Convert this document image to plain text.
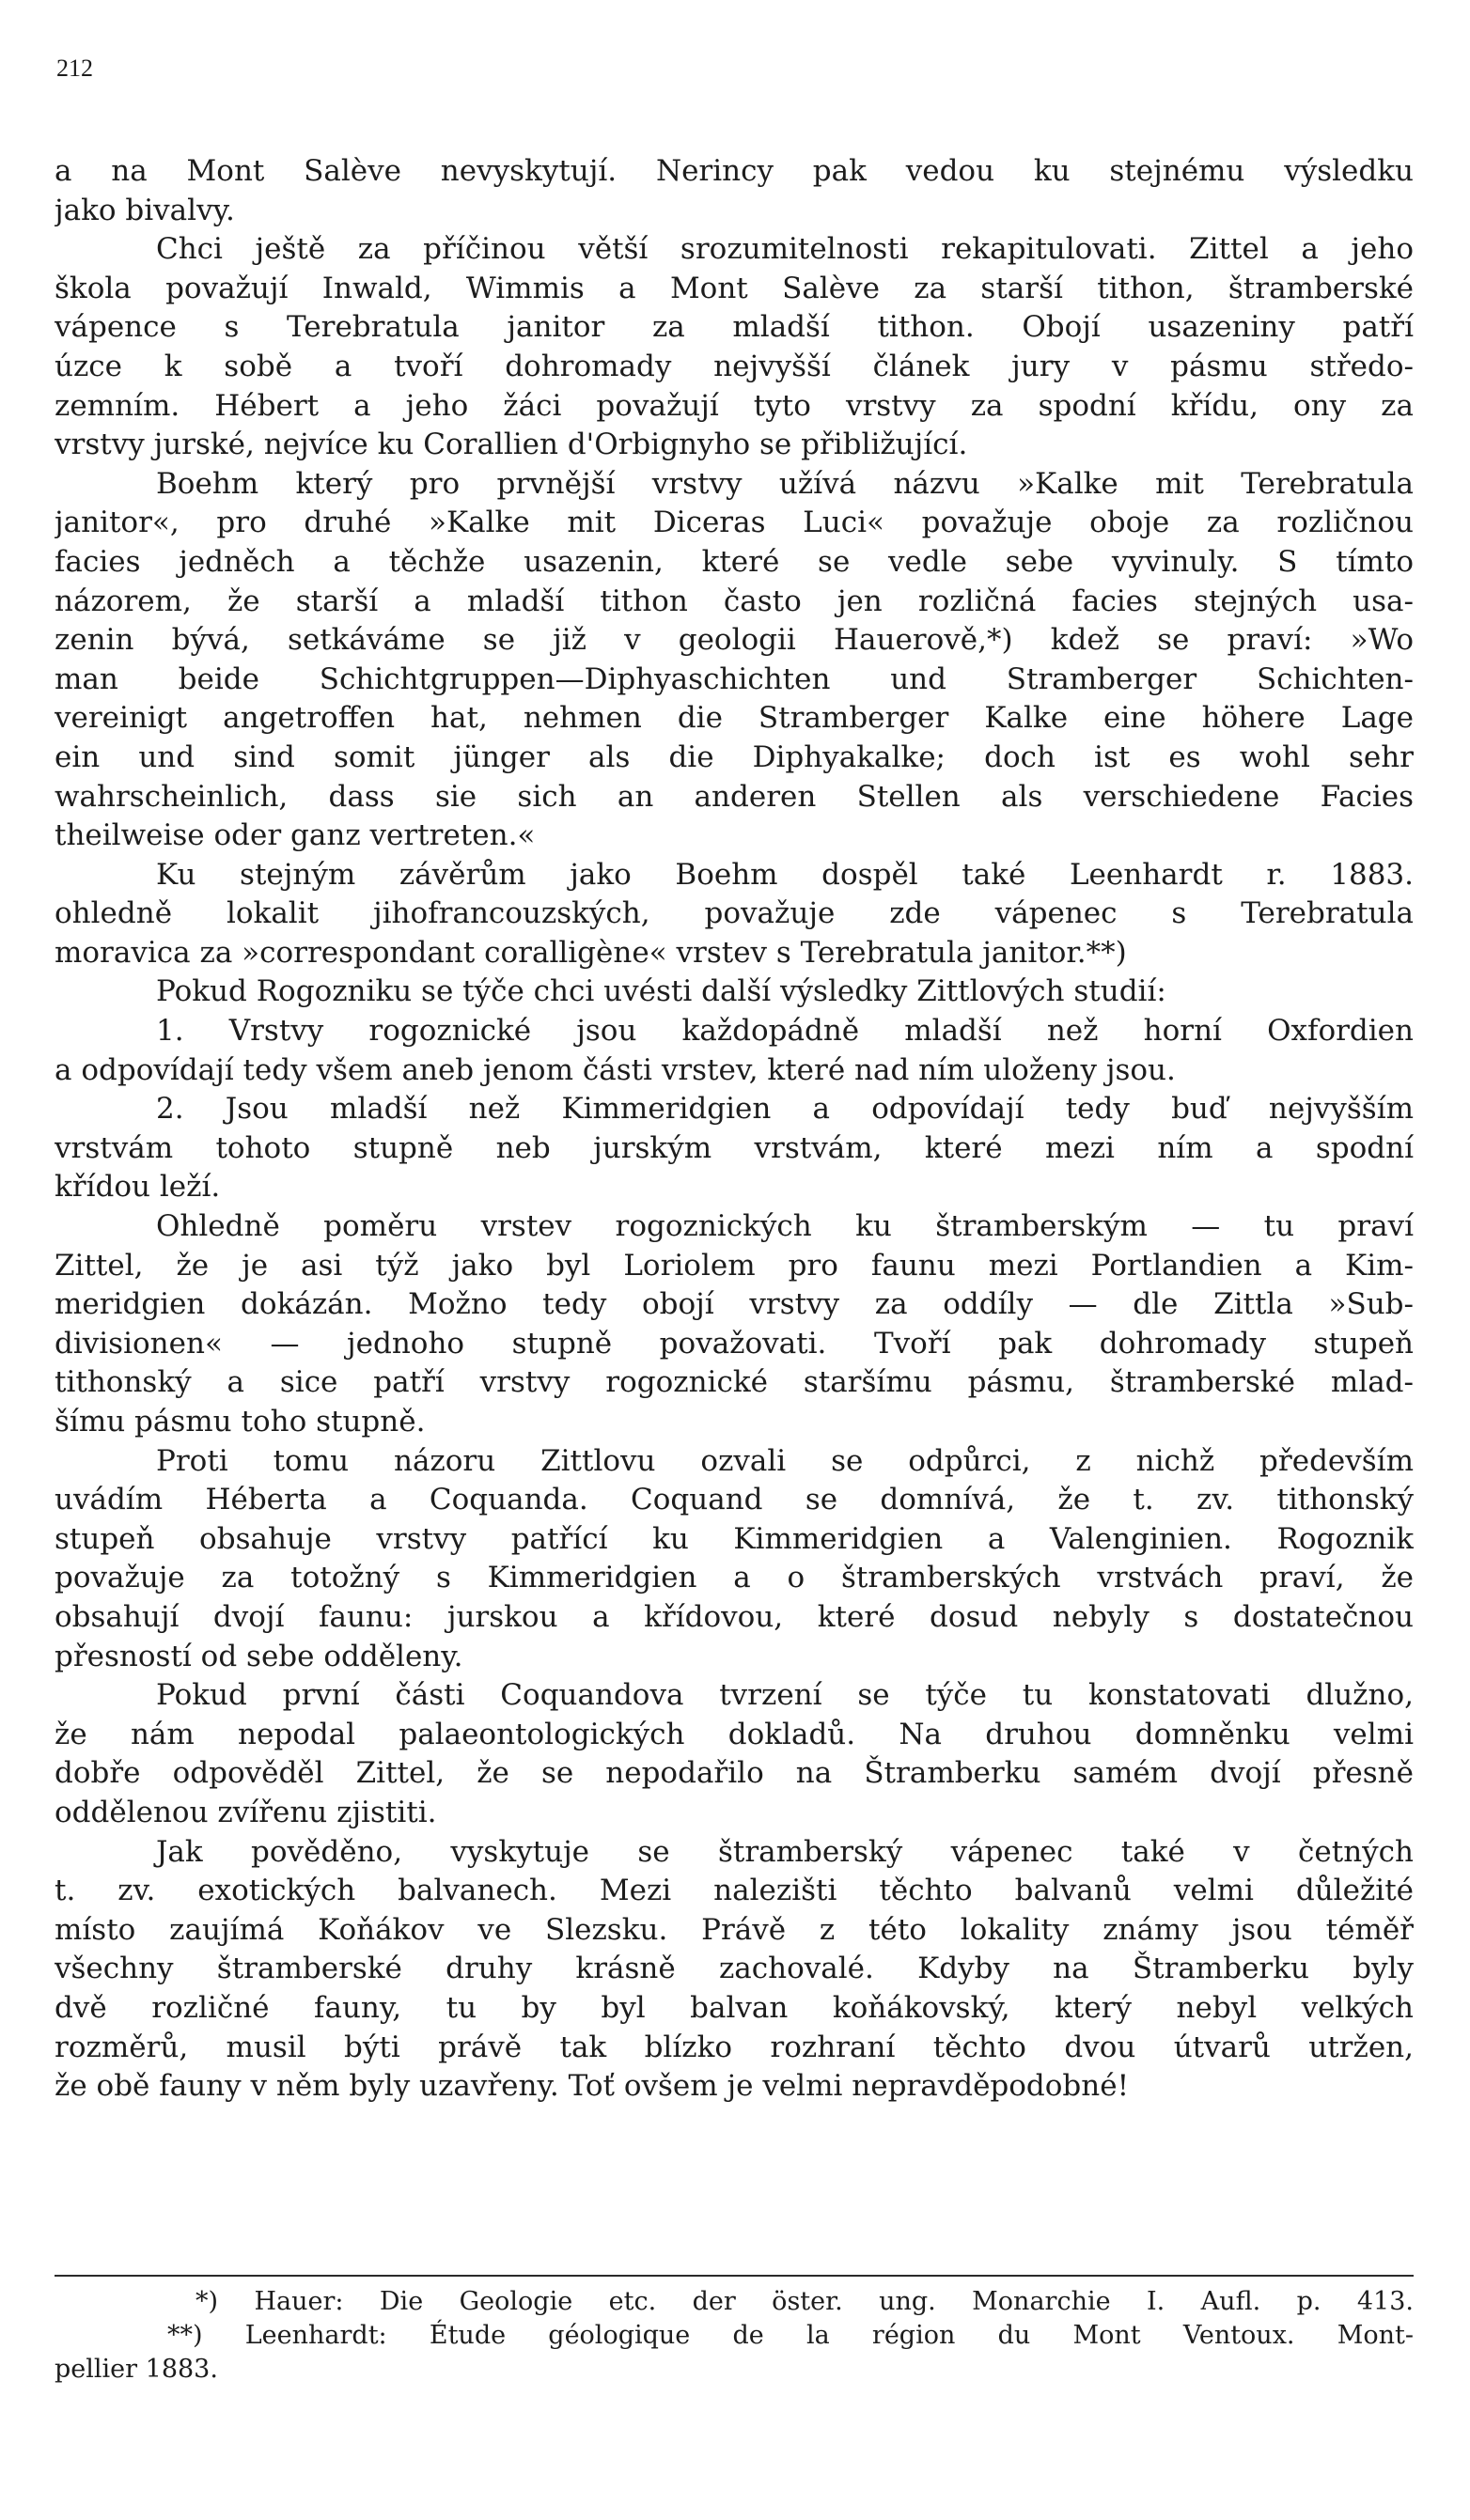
212
a na Mont Salève nevyskytují. Nerincy pak vedou ku stejnému výsledku
jako bivalvy.
Chci ještě za příčinou větší srozumitelnosti rekapitulovati. Zittel a jeho
škola považují Inwald, Wimmis a Mont Salève za starší tithon, štramberské
vápence s Terebratula janitor za mladší tithon. Obojí usazeniny patří
úzce k sobě a tvoří dohromady nejvyšší článek jury v pásmu středo-
zemním. Hébert a jeho žáci považují tyto vrstvy za spodní křídu, ony za
vrstvy jurské, nejvíce ku Corallien d'Orbignyho se přibližující.
Boehm který pro prvnější vrstvy užívá názvu »Kalke mit Terebratula
janitor«, pro druhé »Kalke mit Diceras Luci« považuje oboje za rozličnou
facies jedněch a těchže usazenin, které se vedle sebe vyvinuly. S tímto
názorem, že starší a mladší tithon často jen rozličná facies stejných usa-
zenin bývá, setkáváme se již v geologii Hauerově,*) kdež se praví: »Wo
man beide Schichtgruppen—Diphyaschichten und Stramberger Schichten-
vereinigt angetroffen hat, nehmen die Stramberger Kalke eine höhere Lage
ein und sind somit jünger als die Diphyakalke; doch ist es wohl sehr
wahrscheinlich, dass sie sich an anderen Stellen als verschiedene Facies
theilweise oder ganz vertreten.«
Ku stejným závěrům jako Boehm dospěl také Leenhardt r. 1883.
ohledně lokalit jihofrancouzských, považuje zde vápenec s Terebratula
moravica za »correspondant coralligène« vrstev s Terebratula janitor.**)
Pokud Rogozniku se týče chci uvésti další výsledky Zittlových studií:
1. Vrstvy rogoznické jsou každopádně mladší než horní Oxfordien
a odpovídají tedy všem aneb jenom části vrstev, které nad ním uloženy jsou.
2. Jsou mladší než Kimmeridgien a odpovídají tedy buď nejvyšším
vrstvám tohoto stupně neb jurským vrstvám, které mezi ním a spodní
křídou leží.
Ohledně poměru vrstev rogoznických ku štramberským — tu praví
Zittel, že je asi týž jako byl Loriolem pro faunu mezi Portlandien a Kim-
meridgien dokázán. Možno tedy obojí vrstvy za oddíly — dle Zittla »Sub-
divisionen« — jednoho stupně považovati. Tvoří pak dohromady stupeň
tithonský a sice patří vrstvy rogoznické staršímu pásmu, štramberské mlad-
šímu pásmu toho stupně.
Proti tomu názoru Zittlovu ozvali se odpůrci, z nichž především
uvádím Héberta a Coquanda. Coquand se domnívá, že t. zv. tithonský
stupeň obsahuje vrstvy patřící ku Kimmeridgien a Valenginien. Rogoznik
považuje za totožný s Kimmeridgien a o štramberských vrstvách praví, že
obsahují dvojí faunu: jurskou a křídovou, které dosud nebyly s dostatečnou
přesností od sebe odděleny.
Pokud první části Coquandova tvrzení se týče tu konstatovati dlužno,
že nám nepodal palaeontologických dokladů. Na druhou domněnku velmi
dobře odpověděl Zittel, že se nepodařilo na Štramberku samém dvojí přesně
oddělenou zvířenu zjistiti.
Jak pověděno, vyskytuje se štramberský vápenec také v četných
t. zv. exotických balvanech. Mezi nalezišti těchto balvanů velmi důležité
místo zaujímá Koňákov ve Slezsku. Právě z této lokality známy jsou téměř
všechny štramberské druhy krásně zachovalé. Kdyby na Štramberku byly
dvě rozličné fauny, tu by byl balvan koňákovský, který nebyl velkých
rozměrů, musil býti právě tak blízko rozhraní těchto dvou útvarů utržen,
že obě fauny v něm byly uzavřeny. Toť ovšem je velmi nepravděpodobné!
*) Hauer: Die Geologie etc. der öster. ung. Monarchie I. Aufl. p. 413.
**) Leenhardt: Étude géologique de la région du Mont Ventoux. Mont-
pellier 1883.
